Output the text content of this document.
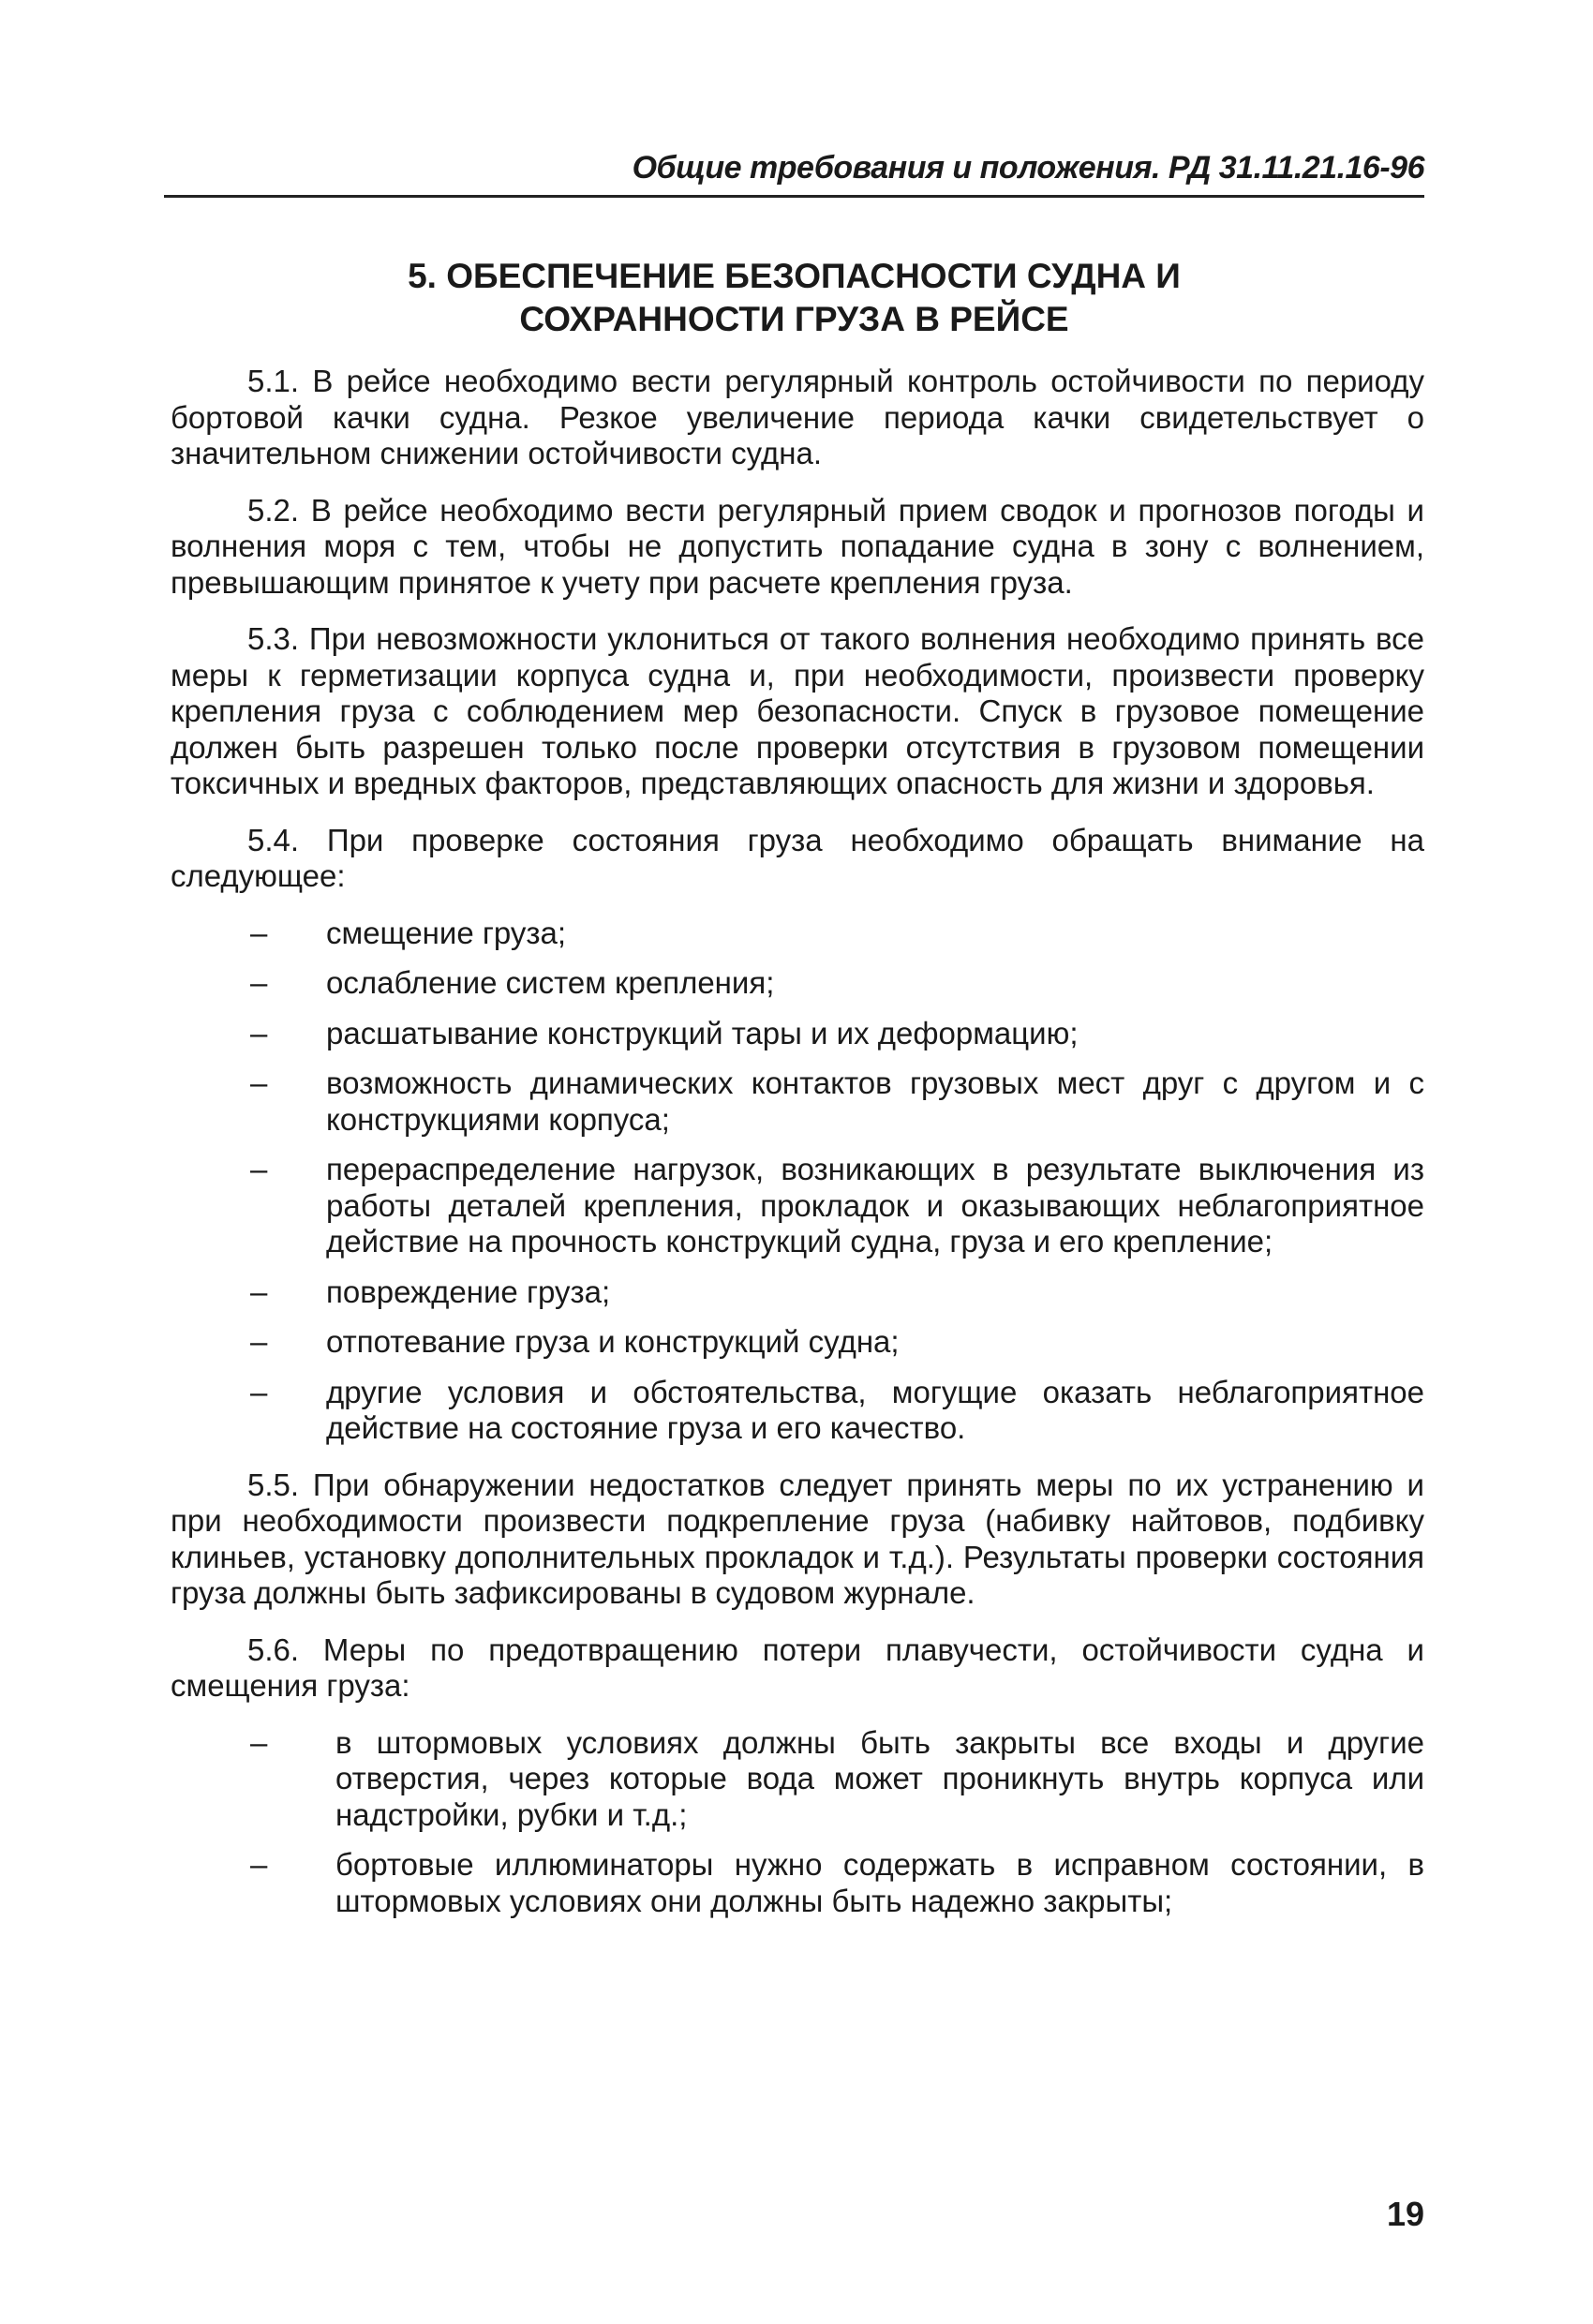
Общие требования и положения. РД 31.11.21.16-96
5. ОБЕСПЕЧЕНИЕ БЕЗОПАСНОСТИ СУДНА И
СОХРАННОСТИ ГРУЗА В РЕЙСЕ

5.1. В рейсе необходимо вести регулярный контроль остойчивости по периоду бортовой качки судна. Резкое увеличение периода качки свидетельствует о значительном снижении остойчивости судна.

5.2. В рейсе необходимо вести регулярный прием сводок и прогнозов погоды и волнения моря с тем, чтобы не допустить попадание судна в зону с волнением, превышающим принятое к учету при расчете крепления груза.

5.3. При невозможности уклониться от такого волнения необходимо принять все меры к герметизации корпуса судна и, при необходимости, произвести проверку крепления груза с соблюдением мер безопасности. Спуск в грузовое помещение должен быть разрешен только после проверки отсутствия в грузовом помещении токсичных и вредных факторов, представляющих опасность для жизни и здоровья.

5.4. При проверке состояния груза необходимо обращать внимание на следующее:

– смещение груза;
– ослабление систем крепления;
– расшатывание конструкций тары и их деформацию;
– возможность динамических контактов грузовых мест друг с другом и с конструкциями корпуса;
– перераспределение нагрузок, возникающих в результате выключения из работы деталей крепления, прокладок и оказывающих неблагоприятное действие на прочность конструкций судна, груза и его крепление;
– повреждение груза;
– отпотевание груза и конструкций судна;
– другие условия и обстоятельства, могущие оказать неблагоприятное действие на состояние груза и его качество.

5.5. При обнаружении недостатков следует принять меры по их устранению и при необходимости произвести подкрепление груза (набивку найтовов, подбивку клиньев, установку дополнительных прокладок и т.д.). Результаты проверки состояния груза должны быть зафиксированы в судовом журнале.

5.6. Меры по предотвращению потери плавучести, остойчивости судна и смещения груза:

– в штормовых условиях должны быть закрыты все входы и другие отверстия, через которые вода может проникнуть внутрь корпуса или надстройки, рубки и т.д.;
– бортовые иллюминаторы нужно содержать в исправном состоянии, в штормовых условиях они должны быть надежно закрыты;
19
